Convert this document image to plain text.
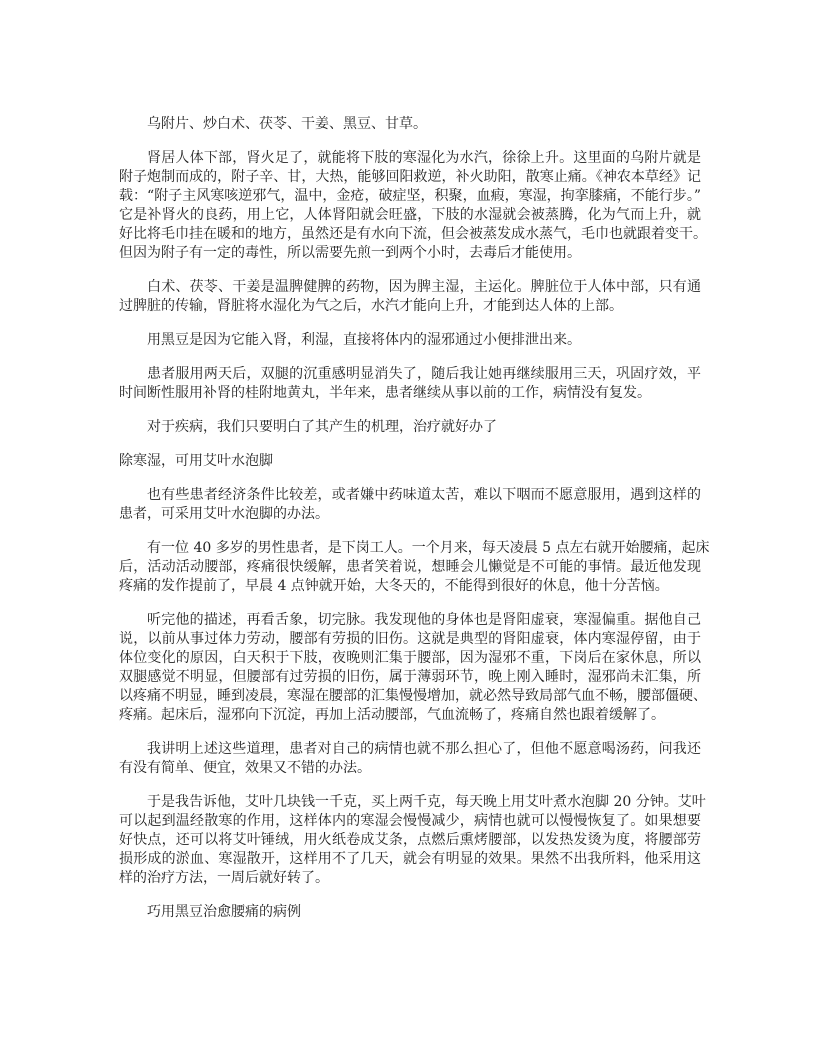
乌附片、炒白术、茯苓、干姜、黑豆、甘草。
肾居人体下部，肾火足了，就能将下肢的寒湿化为水汽，徐徐上升。这里面的乌附片就是
附子炮制而成的，附子辛、甘，大热，能够回阳救逆，补火助阳，散寒止痛。《神农本草经》记
载：“附子主风寒咳逆邪气，温中，金疮，破症坚，积聚，血瘕，寒湿，拘挛膝痛，不能行步。”
它是补肾火的良药，用上它，人体肾阳就会旺盛，下肢的水湿就会被蒸腾，化为气而上升，就
好比将毛巾挂在暖和的地方，虽然还是有水向下流，但会被蒸发成水蒸气，毛巾也就跟着变干。
但因为附子有一定的毒性，所以需要先煎一到两个小时，去毒后才能使用。
白术、茯苓、干姜是温脾健脾的药物，因为脾主湿，主运化。脾脏位于人体中部，只有通
过脾脏的传输，肾脏将水湿化为气之后，水汽才能向上升，才能到达人体的上部。
用黑豆是因为它能入肾，利湿，直接将体内的湿邪通过小便排泄出来。
患者服用两天后，双腿的沉重感明显消失了，随后我让她再继续服用三天，巩固疗效，平
时间断性服用补肾的桂附地黄丸，半年来，患者继续从事以前的工作，病情没有复发。
对于疾病，我们只要明白了其产生的机理，治疗就好办了
除寒湿，可用艾叶水泡脚
也有些患者经济条件比较差，或者嫌中药味道太苦，难以下咽而不愿意服用，遇到这样的
患者，可采用艾叶水泡脚的办法。
有一位 40 多岁的男性患者，是下岗工人。一个月来，每天凌晨 5 点左右就开始腰痛，起床
后，活动活动腰部，疼痛很快缓解，患者笑着说，想睡会儿懒觉是不可能的事情。最近他发现
疼痛的发作提前了，早晨 4 点钟就开始，大冬天的，不能得到很好的休息，他十分苦恼。
听完他的描述，再看舌象，切完脉。我发现他的身体也是肾阳虚衰，寒湿偏重。据他自己
说，以前从事过体力劳动，腰部有劳损的旧伤。这就是典型的肾阳虚衰，体内寒湿停留，由于
体位变化的原因，白天积于下肢，夜晚则汇集于腰部，因为湿邪不重，下岗后在家休息，所以
双腿感觉不明显，但腰部有过劳损的旧伤，属于薄弱环节，晚上刚入睡时，湿邪尚未汇集，所
以疼痛不明显，睡到凌晨，寒湿在腰部的汇集慢慢增加，就必然导致局部气血不畅，腰部僵硬、
疼痛。起床后，湿邪向下沉淀，再加上活动腰部，气血流畅了，疼痛自然也跟着缓解了。
我讲明上述这些道理，患者对自己的病情也就不那么担心了，但他不愿意喝汤药，问我还
有没有简单、便宜，效果又不错的办法。
于是我告诉他，艾叶几块钱一千克，买上两千克，每天晚上用艾叶煮水泡脚 20 分钟。艾叶
可以起到温经散寒的作用，这样体内的寒湿会慢慢减少，病情也就可以慢慢恢复了。如果想要
好快点，还可以将艾叶锤绒，用火纸卷成艾条，点燃后熏烤腰部，以发热发烫为度，将腰部劳
损形成的淤血、寒湿散开，这样用不了几天，就会有明显的效果。果然不出我所料，他采用这
样的治疗方法，一周后就好转了。
巧用黑豆治愈腰痛的病例
